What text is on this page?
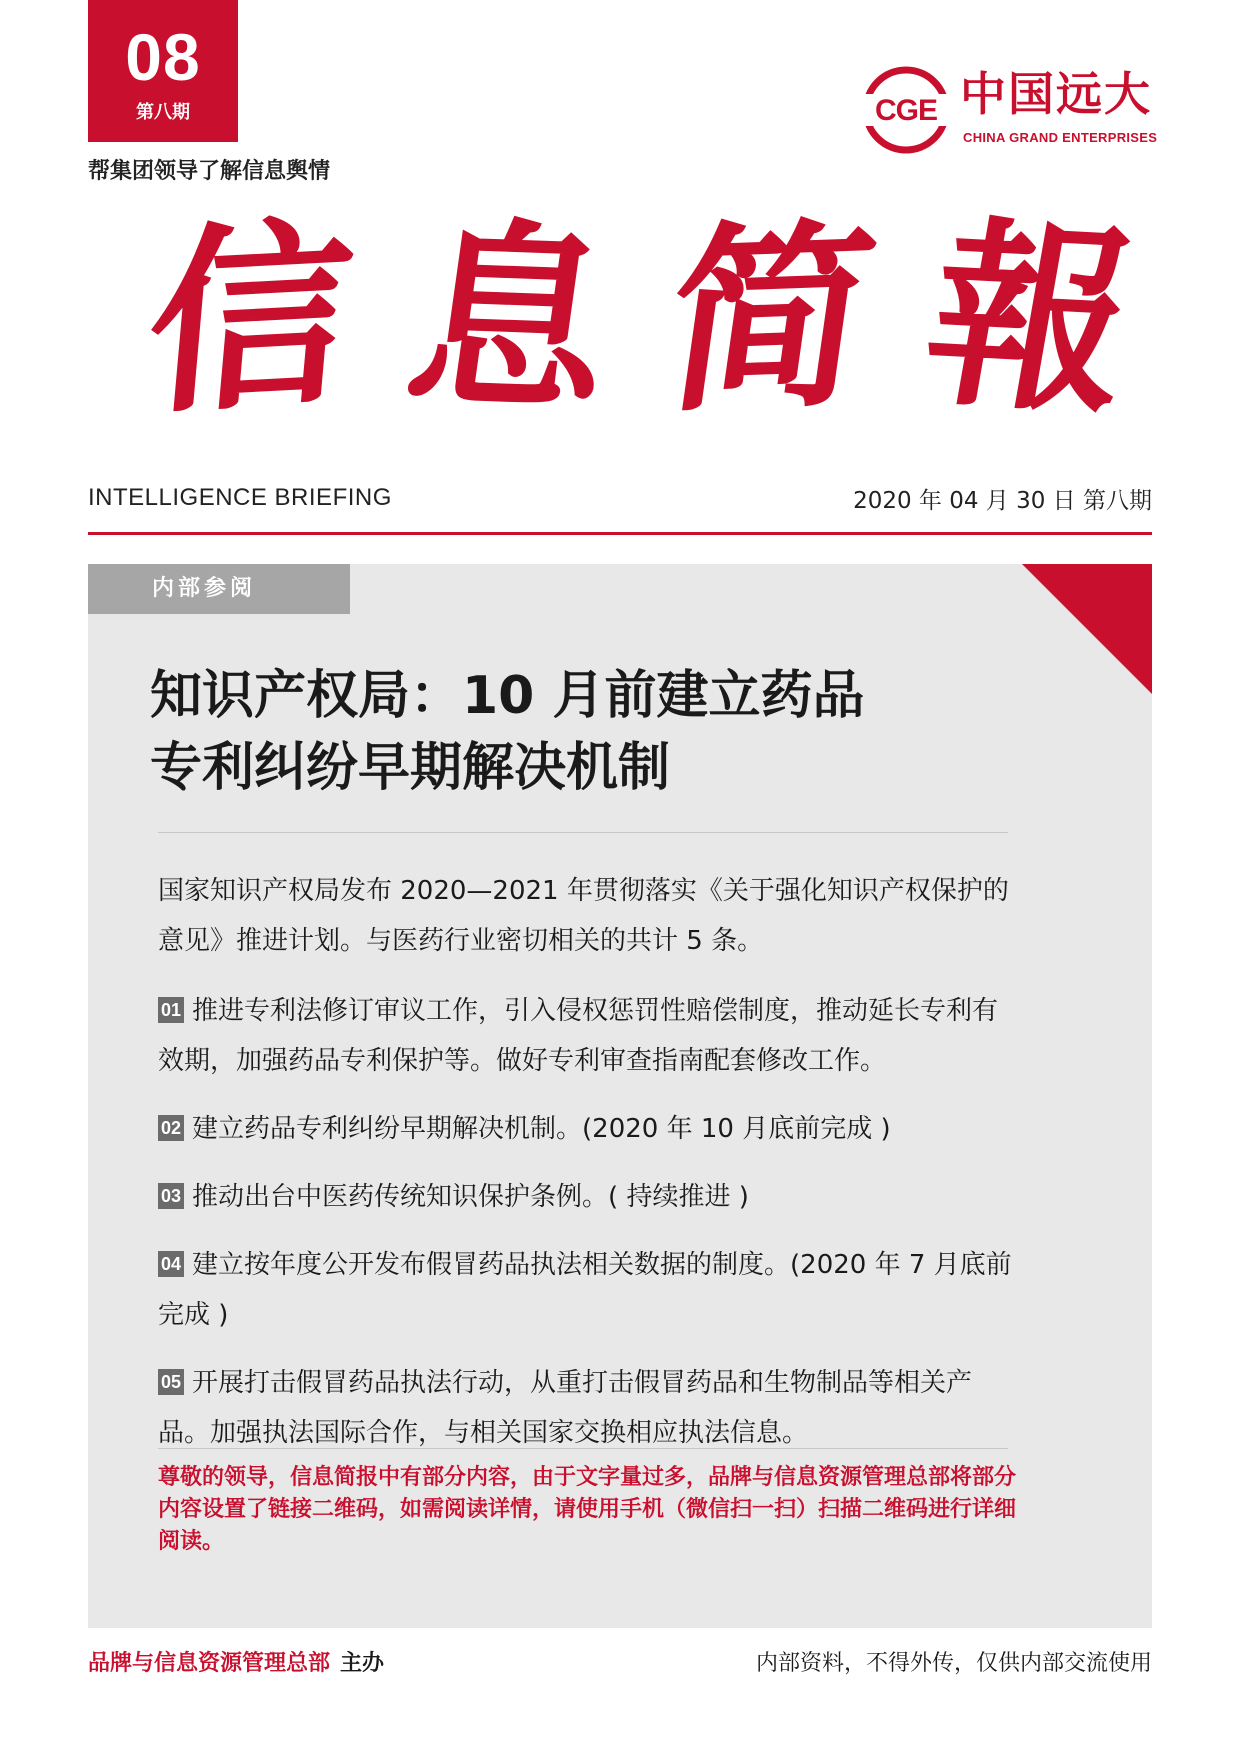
08
第八期
帮集团领导了解信息舆情
CGE 中国远大
CHINA GRAND ENTERPRISES
信 息 简 報
INTELLIGENCE BRIEFING	2020 年 04 月 30 日 第八期
内部参阅
知识产权局：10 月前建立药品
专利纠纷早期解决机制

国家知识产权局发布 2020—2021 年贯彻落实《关于强化知识产权保护的意见》推进计划。与医药行业密切相关的共计 5 条。

01 推进专利法修订审议工作，引入侵权惩罚性赔偿制度，推动延长专利有效期，加强药品专利保护等。做好专利审查指南配套修改工作。

02 建立药品专利纠纷早期解决机制。(2020 年 10 月底前完成 )

03 推动出台中医药传统知识保护条例。( 持续推进 )

04 建立按年度公开发布假冒药品执法相关数据的制度。(2020 年 7 月底前完成 )

05 开展打击假冒药品执法行动，从重打击假冒药品和生物制品等相关产品。加强执法国际合作，与相关国家交换相应执法信息。

尊敬的领导，信息简报中有部分内容，由于文字量过多，品牌与信息资源管理总部将部分内容设置了链接二维码，如需阅读详情，请使用手机（微信扫一扫）扫描二维码进行详细阅读。

品牌与信息资源管理总部 主办	内部资料，不得外传，仅供内部交流使用
